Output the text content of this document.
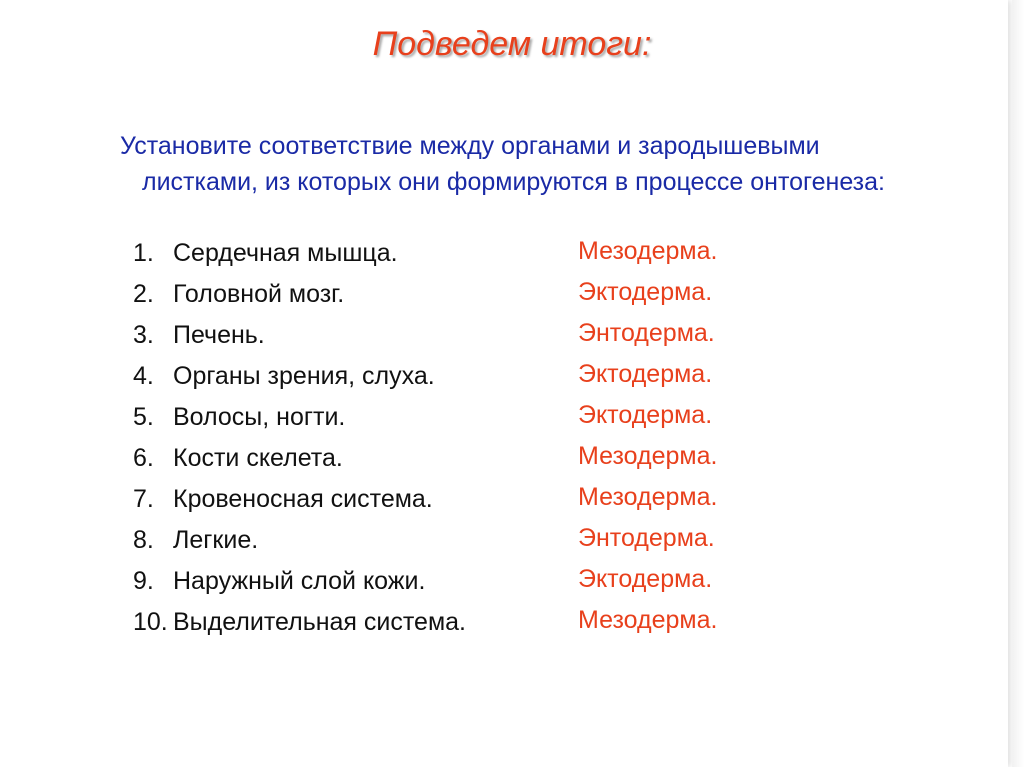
Подведем итоги:

Установите соответствие между органами и зародышевыми
листками, из которых они формируются в процессе онтогенеза:

1. Сердечная мышца.
2. Головной мозг.
3. Печень.
4. Органы зрения, слуха.
5. Волосы, ногти.
6. Кости скелета.
7. Кровеносная система.
8. Легкие.
9. Наружный слой кожи.
10. Выделительная система.
Мезодерма.
Эктодерма.
Энтодерма.
Эктодерма.
Эктодерма.
Мезодерма.
Мезодерма.
Энтодерма.
Эктодерма.
Мезодерма.
